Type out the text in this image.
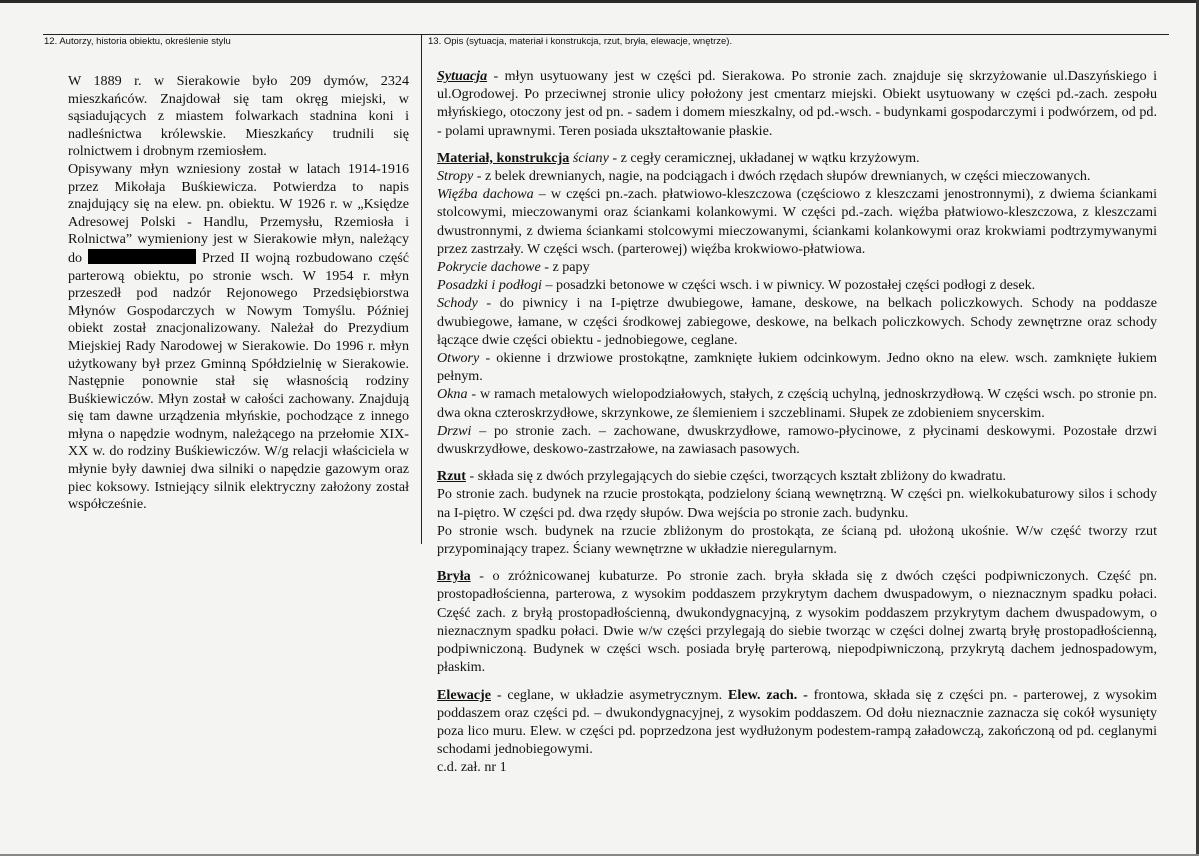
12. Autorzy, historia obiektu, określenie stylu	13. Opis (sytuacja, materiał i konstrukcja, rzut, bryła, elewacje, wnętrze).

W 1889 r. w Sierakowie było 209 dymów, 2324 mieszkańców. Znajdował się tam okręg miejski, w sąsiadujących z miastem folwarkach stadnina koni i nadleśnictwa królewskie. Mieszkańcy trudnili się rolnictwem i drobnym rzemiosłem.

Opisywany młyn wzniesiony został w latach 1914-1916 przez Mikołaja Buśkiewicza. Potwierdza to napis znajdujący się na elew. pn. obiektu. W 1926 r. w „Księdze Adresowej Polski - Handlu, Przemysłu, Rzemiosła i Rolnictwa” wymieniony jest w Sierakowie młyn, należący do	Przed II wojną rozbudowano część parterową obiektu, po stronie wsch. W 1954 r. młyn przeszedł pod nadzór Rejonowego Przedsiębiorstwa Młynów Gospodarczych w Nowym Tomyślu. Później obiekt został znacjonalizowany. Należał do Prezydium Miejskiej Rady Narodowej w Sierakowie. Do 1996 r. młyn użytkowany był przez Gminną Spółdzielnię w Sierakowie. Następnie ponownie stał się własnością rodziny Buśkiewiczów. Młyn został w całości zachowany. Znajdują się tam dawne urządzenia młyńskie, pochodzące z innego młyna o napędzie wodnym, należącego na przełomie XIX-XX w. do rodziny Buśkiewiczów. W/g relacji właściciela w młynie były dawniej dwa silniki o napędzie gazowym oraz piec koksowy. Istniejący silnik elektryczny założony został współcześnie.

Sytuacja - młyn usytuowany jest w części pd. Sierakowa. Po stronie zach. znajduje się skrzyżowanie ul.Daszyńskiego i ul.Ogrodowej. Po przeciwnej stronie ulicy położony jest cmentarz miejski. Obiekt usytuowany w części pd.-zach. zespołu młyńskiego, otoczony jest od pn. - sadem i domem mieszkalny, od pd.-wsch. - budynkami gospodarczymi i podwórzem, od pd. - polami uprawnymi. Teren posiada ukształtowanie płaskie.

Materiał, konstrukcja ściany - z cegły ceramicznej, układanej w wątku krzyżowym.

Stropy - z belek drewnianych, nagie, na podciągach i dwóch rzędach słupów drewnianych, w części mieczowanych.

Więźba dachowa – w części pn.-zach. płatwiowo-kleszczowa (częściowo z kleszczami jenostronnymi), z dwiema ściankami stolcowymi, mieczowanymi oraz ściankami kolankowymi. W części pd.-zach. więźba płatwiowo-kleszczowa, z kleszczami dwustronnymi, z dwiema ściankami stolcowymi mieczowanymi, ściankami kolankowymi oraz krokwiami podtrzymywanymi przez zastrzały. W części wsch. (parterowej) więźba krokwiowo-płatwiowa.

Pokrycie dachowe - z papy

Posadzki i podłogi – posadzki betonowe w części wsch. i w piwnicy. W pozostałej części podłogi z desek.

Schody - do piwnicy i na I-piętrze dwubiegowe, łamane, deskowe, na belkach policzkowych. Schody na poddasze dwubiegowe, łamane, w części środkowej zabiegowe, deskowe, na belkach policzkowych. Schody zewnętrzne oraz schody łączące dwie części obiektu - jednobiegowe, ceglane.

Otwory - okienne i drzwiowe prostokątne, zamknięte łukiem odcinkowym. Jedno okno na elew. wsch. zamknięte łukiem pełnym.

Okna - w ramach metalowych wielopodziałowych, stałych, z częścią uchylną, jednoskrzydłową. W części wsch. po stronie pn. dwa okna czteroskrzydłowe, skrzynkowe, ze ślemieniem i szczeblinami. Słupek ze zdobieniem snycerskim.

Drzwi – po stronie zach. – zachowane, dwuskrzydłowe, ramowo-płycinowe, z płycinami deskowymi. Pozostałe drzwi dwuskrzydłowe, deskowo-zastrzałowe, na zawiasach pasowych.

Rzut - składa się z dwóch przylegających do siebie części, tworzących kształt zbliżony do kwadratu.

Po stronie zach. budynek na rzucie prostokąta, podzielony ścianą wewnętrzną. W części pn. wielkokubaturowy silos i schody na I-piętro. W części pd. dwa rzędy słupów. Dwa wejścia po stronie zach. budynku.

Po stronie wsch. budynek na rzucie zbliżonym do prostokąta, ze ścianą pd. ułożoną ukośnie. W/w część tworzy rzut przypominający trapez. Ściany wewnętrzne w układzie nieregularnym.

Bryła - o zróżnicowanej kubaturze. Po stronie zach. bryła składa się z dwóch części podpiwniczonych. Część pn. prostopadłościenna, parterowa, z wysokim poddaszem przykrytym dachem dwuspadowym, o nieznacznym spadku połaci. Część zach. z bryłą prostopadłościenną, dwukondygnacyjną, z wysokim poddaszem przykrytym dachem dwuspadowym, o nieznacznym spadku połaci. Dwie w/w części przylegają do siebie tworząc w części dolnej zwartą bryłę prostopadłościenną, podpiwniczoną. Budynek w części wsch. posiada bryłę parterową, niepodpiwniczoną, przykrytą dachem jednospadowym, płaskim.

Elewacje - ceglane, w układzie asymetrycznym. Elew. zach. - frontowa, składa się z części pn. - parterowej, z wysokim poddaszem oraz części pd. – dwukondygnacyjnej, z wysokim poddaszem. Od dołu nieznacznie zaznacza się cokół wysunięty poza lico muru. Elew. w części pd. poprzedzona jest wydłużonym podestem-rampą załadowczą, zakończoną od pd. ceglanymi schodami jednobiegowymi.

c.d. zał. nr 1
